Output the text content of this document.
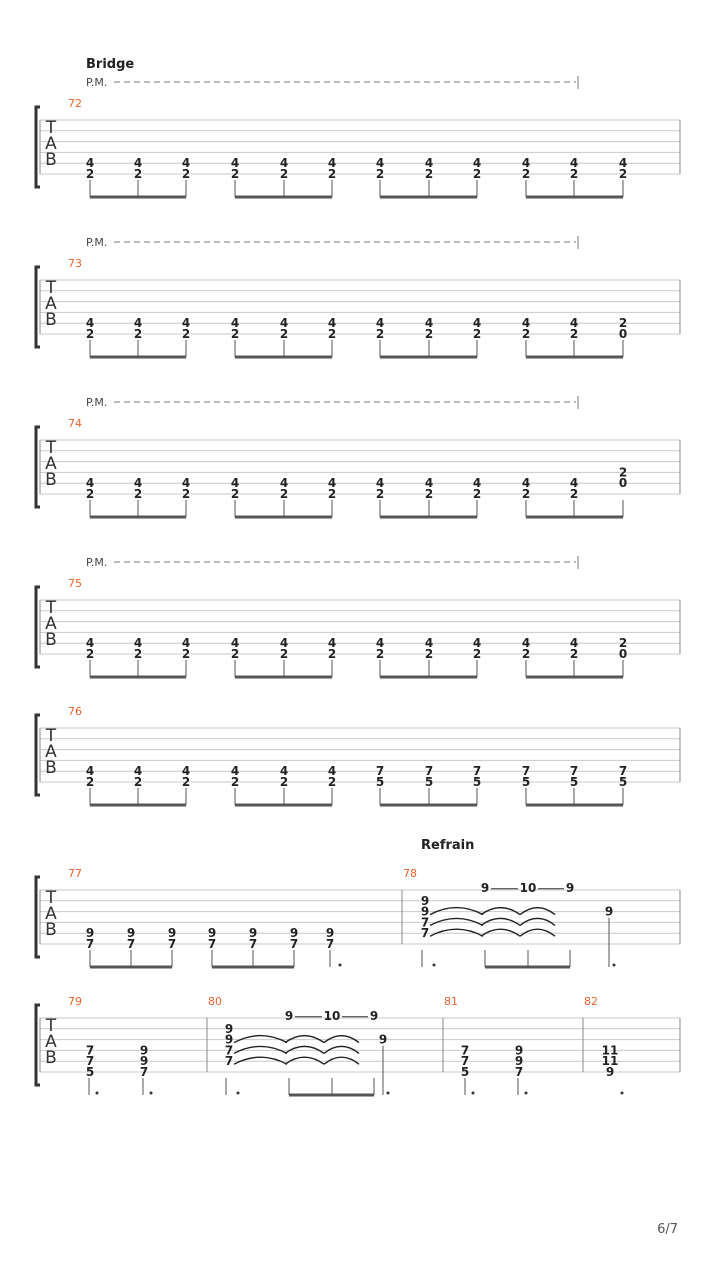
Bridge
Refrain
T
A
B
P.M.
72
4
2
4
2
4
2
4
2
4
2
4
2
4
2
4
2
4
2
4
2
4
2
4
2
T
A
B
P.M.
73
4
2
4
2
4
2
4
2
4
2
4
2
4
2
4
2
4
2
4
2
4
2
2
0
T
A
B
P.M.
74
4
2
4
2
4
2
4
2
4
2
4
2
4
2
4
2
4
2
4
2
4
2
2
0
T
A
B
P.M.
75
4
2
4
2
4
2
4
2
4
2
4
2
4
2
4
2
4
2
4
2
4
2
2
0
T
A
B
76
4
2
4
2
4
2
4
2
4
2
4
2
7
5
7
5
7
5
7
5
7
5
7
5
T
A
B
77
9
7
9
7
9
7
9
7
9
7
9
7
9
7
78
9
9
7
7
9	10 9
9
T
A
B
79
7
7
5
9
9
7
80
9
9
7
7
9	10 9
9
81
7
7
5
9
9
7
82
11
11
9
6/7
